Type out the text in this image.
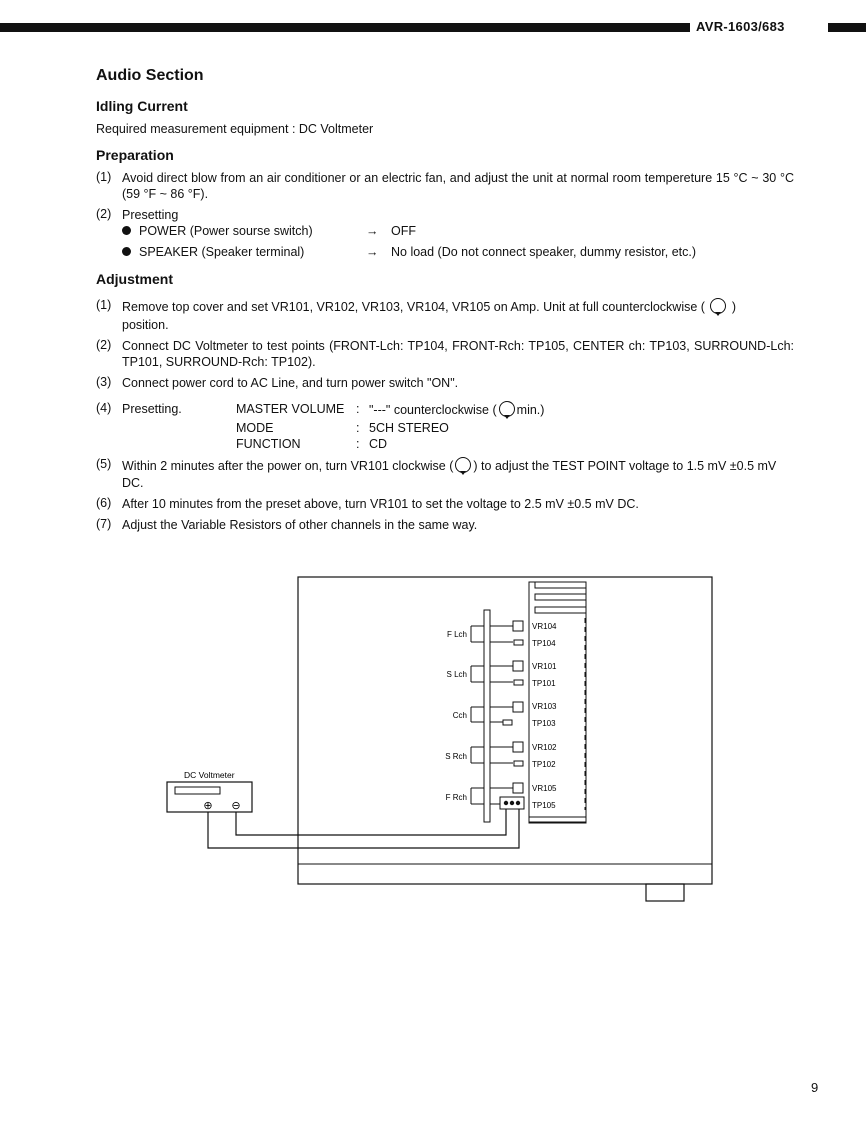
AVR-1603/683
Audio Section
Idling Current
Required measurement equipment : DC Voltmeter
Preparation
(1) Avoid direct blow from an air conditioner or an electric fan, and adjust the unit at normal room tempereture 15 °C ~ 30 °C (59 °F ~ 86 °F).
(2) Presetting
POWER (Power sourse switch)	→ OFF
SPEAKER (Speaker terminal)	→ No load (Do not connect speaker, dummy resistor, etc.)
Adjustment
(1) Remove top cover and set VR101, VR102, VR103, VR104, VR105 on Amp. Unit at full counterclockwise ( )
position.
(2) Connect DC Voltmeter to test points (FRONT-Lch: TP104, FRONT-Rch: TP105, CENTER ch: TP103, SURROUND-Lch: TP101, SURROUND-Rch: TP102).
(3) Connect power cord to AC Line, and turn power switch "ON".
(4) Presetting.	MASTER VOLUME : "---" counterclockwise ( min.)
MODE	: 5CH STEREO
FUNCTION	: CD
(5) Within 2 minutes after the power on, turn VR101 clockwise ( ) to adjust the TEST POINT voltage to 1.5 mV ±0.5 mV
DC.
(6) After 10 minutes from the preset above, turn VR101 to set the voltage to 2.5 mV ±0.5 mV DC.
(7) Adjust the Variable Resistors of other channels in the same way.
F Lch
VR104
TP104
S Lch
VR101
TP101
Cch
VR103
TP103
S Rch
VR102
TP102
F Rch
VR105
TP105
DC Voltmeter
⊕ ⊖
9
